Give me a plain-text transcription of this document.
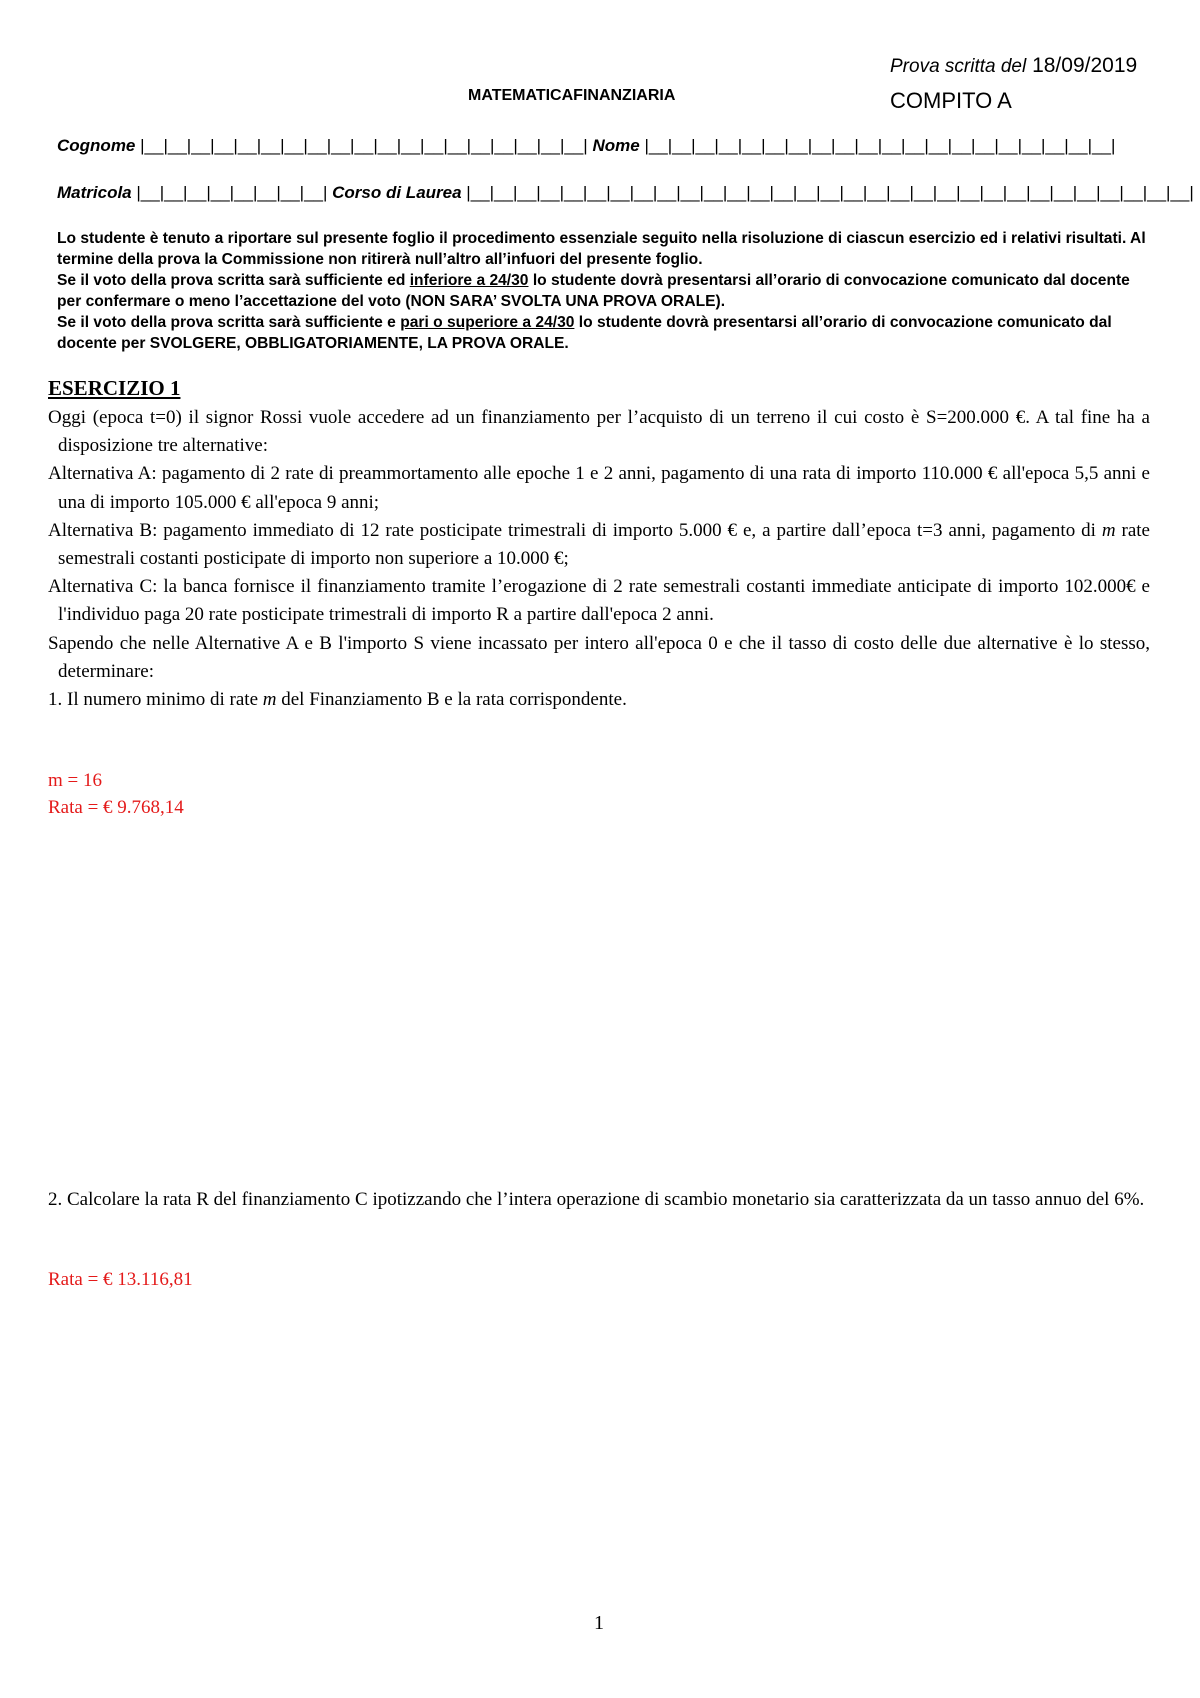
Prova scritta del 18/09/2019
COMPITO A
MATEMATICAFINANZIARIA
Cognome |__|__|__|__|__|__|__|__|__|__|__|__|__|__|__|__|__|__|__| Nome |__|__|__|__|__|__|__|__|__|__|__|__|__|__|__|__|__|__|__|__|
Matricola |__|__|__|__|__|__|__|__| Corso di Laurea |__|__|__|__|__|__|__|__|__|__|__|__|__|__|__|__|__|__|__|__|__|__|__|__|__|__|__|__|__|__|__|

Lo studente è tenuto a riportare sul presente foglio il procedimento essenziale seguito nella risoluzione di ciascun esercizio ed i relativi risultati. Al termine della prova la Commissione non ritirerà null’altro all’infuori del presente foglio.

Se il voto della prova scritta sarà sufficiente ed inferiore a 24/30 lo studente dovrà presentarsi all’orario di convocazione comunicato dal docente per confermare o meno l’accettazione del voto (NON SARA’ SVOLTA UNA PROVA ORALE).

Se il voto della prova scritta sarà sufficiente e pari o superiore a 24/30 lo studente dovrà presentarsi all’orario di convocazione comunicato dal docente per SVOLGERE, OBBLIGATORIAMENTE, LA PROVA ORALE.

ESERCIZIO 1

Oggi (epoca t=0) il signor Rossi vuole accedere ad un finanziamento per l’acquisto di un terreno il cui costo è S=200.000 €. A tal fine ha a disposizione tre alternative:

Alternativa A: pagamento di 2 rate di preammortamento alle epoche 1 e 2 anni, pagamento di una rata di importo 110.000 € all'epoca 5,5 anni e una di importo 105.000 € all'epoca 9 anni;

Alternativa B: pagamento immediato di 12 rate posticipate trimestrali di importo 5.000 € e, a partire dall’epoca t=3 anni, pagamento di m rate semestrali costanti posticipate di importo non superiore a 10.000 €;

Alternativa C: la banca fornisce il finanziamento tramite l’erogazione di 2 rate semestrali costanti immediate anticipate di importo 102.000€ e l'individuo paga 20 rate posticipate trimestrali di importo R a partire dall'epoca 2 anni.

Sapendo che nelle Alternative A e B l'importo S viene incassato per intero all'epoca 0 e che il tasso di costo delle due alternative è lo stesso, determinare:

1. Il numero minimo di rate m del Finanziamento B e la rata corrispondente.

m = 16
Rata = € 9.768,14
2. Calcolare la rata R del finanziamento C ipotizzando che l’intera operazione di scambio monetario sia caratterizzata da un tasso annuo del 6%.
Rata = € 13.116,81
1
